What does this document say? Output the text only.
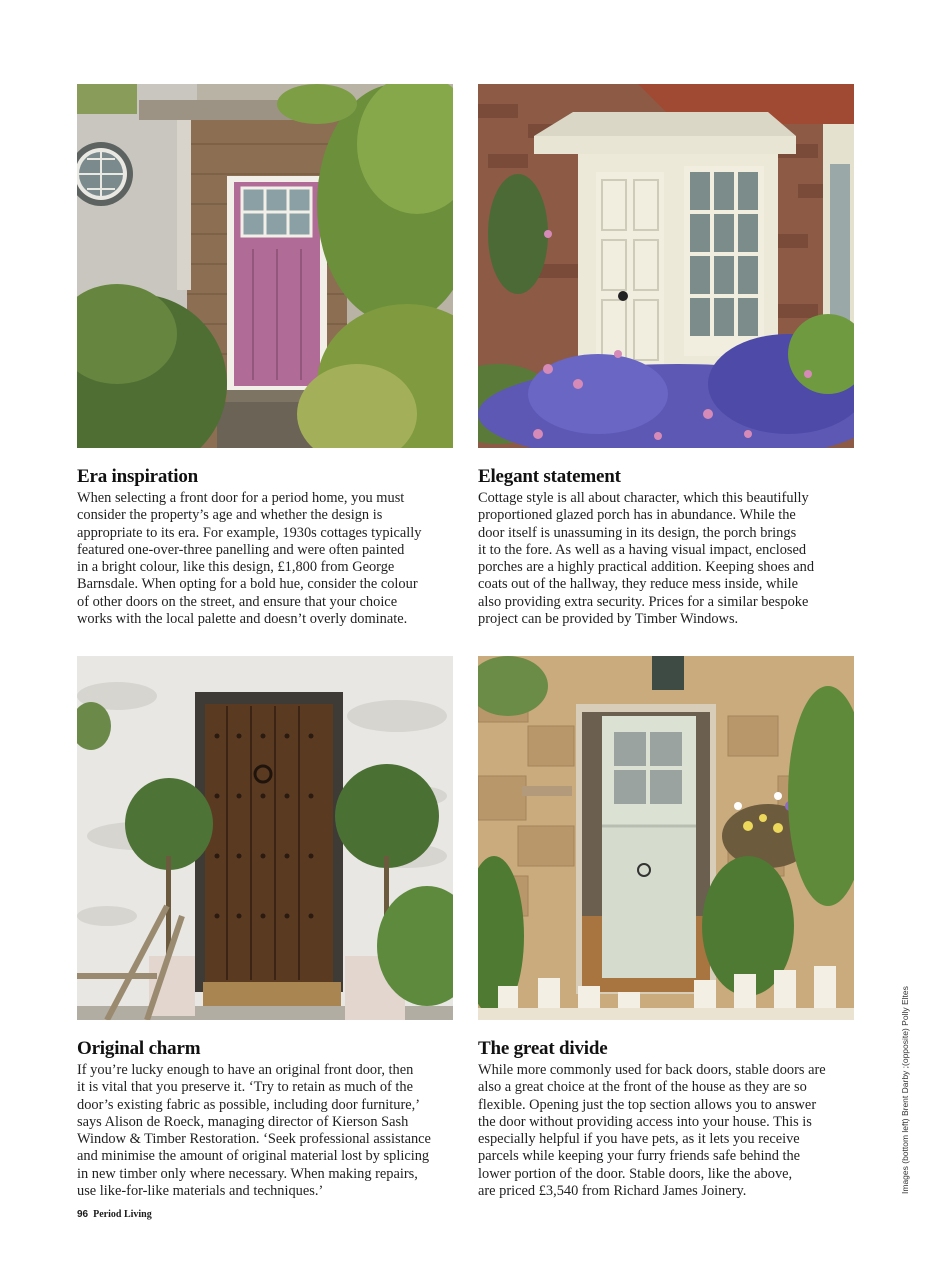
Era inspiration

When selecting a front door for a period home, you must
consider the property’s age and whether the design is
appropriate to its era. For example, 1930s cottages typically
featured one-over-three panelling and were often painted
in a bright colour, like this design, £1,800 from George
Barnsdale. When opting for a bold hue, consider the colour
of other doors on the street, and ensure that your choice
works with the local palette and doesn’t overly dominate.

Elegant statement

Cottage style is all about character, which this beautifully
proportioned glazed porch has in abundance. While the
door itself is unassuming in its design, the porch brings
it to the fore. As well as a having visual impact, enclosed
porches are a highly practical addition. Keeping shoes and
coats out of the hallway, they reduce mess inside, while
also providing extra security. Prices for a similar bespoke
project can be provided by Timber Windows.

Original charm

If you’re lucky enough to have an original front door, then
it is vital that you preserve it. ‘Try to retain as much of the
door’s existing fabric as possible, including door furniture,’
says Alison de Roeck, managing director of Kierson Sash
Window & Timber Restoration. ‘Seek professional assistance
and minimise the amount of original material lost by splicing
in new timber only where necessary. When making repairs,
use like-for-like materials and techniques.’

The great divide

While more commonly used for back doors, stable doors are
also a great choice at the front of the house as they are so
flexible. Opening just the top section allows you to answer
the door without providing access into your house. This is
especially helpful if you have pets, as it lets you receive
parcels while keeping your furry friends safe behind the
lower portion of the door. Stable doors, like the above,
are priced £3,540 from Richard James Joinery.

96 Period Living
Images (bottom left) Brent Darby ;(opposite) Polly Eltes
